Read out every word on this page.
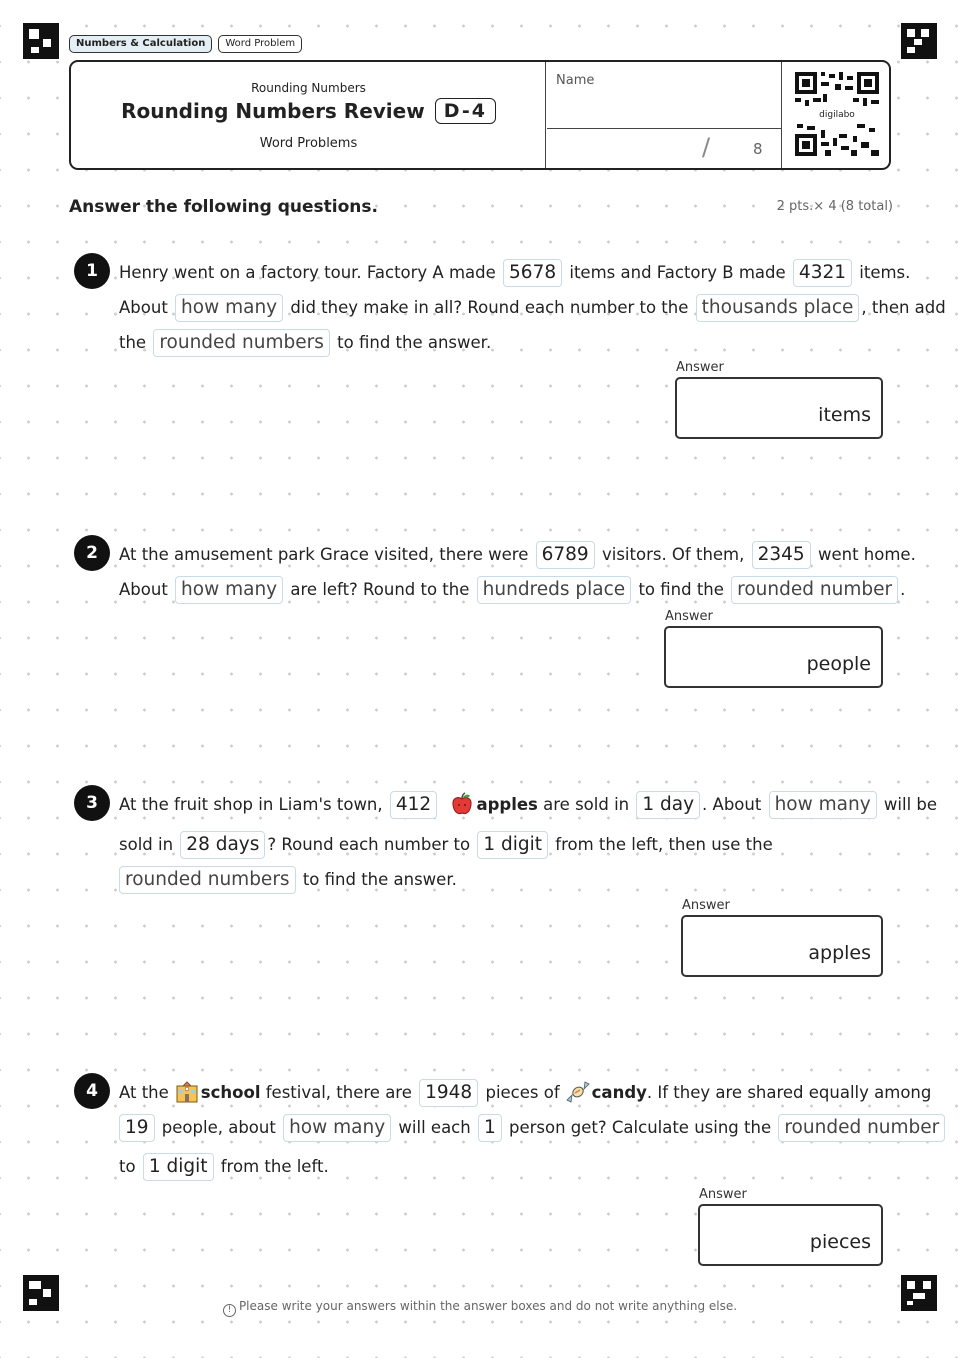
Numbers & Calculation	Word Problem
Rounding Numbers
Rounding Numbers Review D-4
Word Problems
Name
/	8
digilabo
Answer the following questions.	2 pts.× 4 (8 total)
1	Henry went on a factory tour. Factory A made 5678 items and Factory B made 4321 items.
About how many did they make in all? Round each number to the thousands place , then add
the rounded numbers to find the answer.
Answer
items
2	At the amusement park Grace visited, there were 6789 visitors. Of them, 2345 went home.
About how many are left? Round to the hundreds place to find the rounded number .
Answer
people
3	At the fruit shop in Liam's town, 412	apples are sold in 1 day . About how many will be
sold in 28 days ? Round each number to 1 digit from the left, then use the
rounded numbers to find the answer.
Answer
apples
4	At the school festival, there are 1948 pieces of candy. If they are shared equally among
19 people, about how many will each 1 person get? Calculate using the rounded number
to 1 digit from the left.
Answer
pieces
! Please write your answers within the answer boxes and do not write anything else.
